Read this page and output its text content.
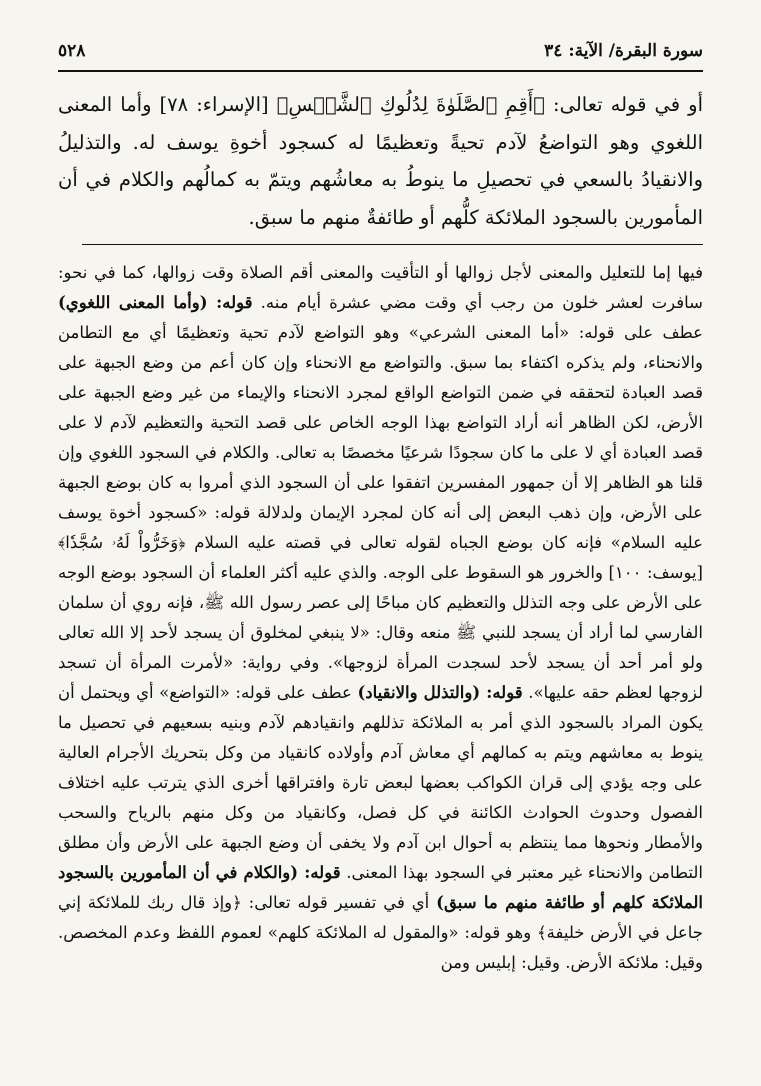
سورة البقرة/ الآية: ٣٤
٥٢٨

أو في قوله تعالى: ﴿أَقِمِ ٱلصَّلَوٰةَ لِدُلُوكِ ٱلشَّمۡسِ﴾ [الإسراء: ٧٨] وأما المعنى اللغوي وهو التواضعُ لآدم تحيةً وتعظيمًا له كسجود أخوةِ يوسف له. والتذليلُ والانقيادُ بالسعي في تحصيلِ ما ينوطُ به معاشُهم ويتمّ به كمالُهم والكلام في أن المأمورين بالسجود الملائكة كلُّهم أو طائفةٌ منهم ما سبق.

فيها إما للتعليل والمعنى لأجل زوالها أو التأقيت والمعنى أقم الصلاة وقت زوالها، كما في نحو: سافرت لعشر خلون من رجب أي وقت مضي عشرة أيام منه. قوله: (وأما المعنى اللغوي) عطف على قوله: «أما المعنى الشرعي» وهو التواضع لآدم تحية وتعظيمًا أي مع التطامن والانحناء، ولم يذكره اكتفاء بما سبق. والتواضع مع الانحناء وإن كان أعم من وضع الجبهة على قصد العبادة لتحققه في ضمن التواضع الواقع لمجرد الانحناء والإيماء من غير وضع الجبهة على الأرض، لكن الظاهر أنه أراد التواضع بهذا الوجه الخاص على قصد التحية والتعظيم لآدم لا على قصد العبادة أي لا على ما كان سجودًا شرعيًا مخصصًا به تعالى. والكلام في السجود اللغوي وإن قلنا هو الظاهر إلا أن جمهور المفسرين اتفقوا على أن السجود الذي أمروا به كان بوضع الجبهة على الأرض، وإن ذهب البعض إلى أنه كان لمجرد الإيمان ولدلالة قوله: «كسجود أخوة يوسف عليه السلام» فإنه كان بوضع الجباه لقوله تعالى في قصته عليه السلام ﴿وَخَرُّواْ لَهُۥ سُجَّدٗا﴾ [يوسف: ١٠٠] والخرور هو السقوط على الوجه. والذي عليه أكثر العلماء أن السجود بوضع الوجه على الأرض على وجه التذلل والتعظيم كان مباحًا إلى عصر رسول الله ﷺ، فإنه روي أن سلمان الفارسي لما أراد أن يسجد للنبي ﷺ منعه وقال: «لا ينبغي لمخلوق أن يسجد لأحد إلا الله تعالى ولو أمر أحد أن يسجد لأحد لسجدت المرأة لزوجها». وفي رواية: «لأمرت المرأة أن تسجد لزوجها لعظم حقه عليها». قوله: (والتذلل والانقياد) عطف على قوله: «التواضع» أي ويحتمل أن يكون المراد بالسجود الذي أمر به الملائكة تذللهم وانقيادهم لآدم وبنيه بسعيهم في تحصيل ما ينوط به معاشهم ويتم به كمالهم أي معاش آدم وأولاده كانقياد من وكل بتحريك الأجرام العالية على وجه يؤدي إلى قران الكواكب بعضها لبعض تارة وافتراقها أخرى الذي يترتب عليه اختلاف الفصول وحدوث الحوادث الكائنة في كل فصل، وكانقياد من وكل منهم بالرياح والسحب والأمطار ونحوها مما ينتظم به أحوال ابن آدم ولا يخفى أن وضع الجبهة على الأرض وأن مطلق التطامن والانحناء غير معتبر في السجود بهذا المعنى. قوله: (والكلام في أن المأمورين بالسجود الملائكة كلهم أو طائفة منهم ما سبق) أي في تفسير قوله تعالى: ﴿وإذ قال ربك للملائكة إني جاعل في الأرض خليفة﴾ وهو قوله: «والمقول له الملائكة كلهم» لعموم اللفظ وعدم المخصص. وقيل: ملائكة الأرض. وقيل: إبليس ومن
